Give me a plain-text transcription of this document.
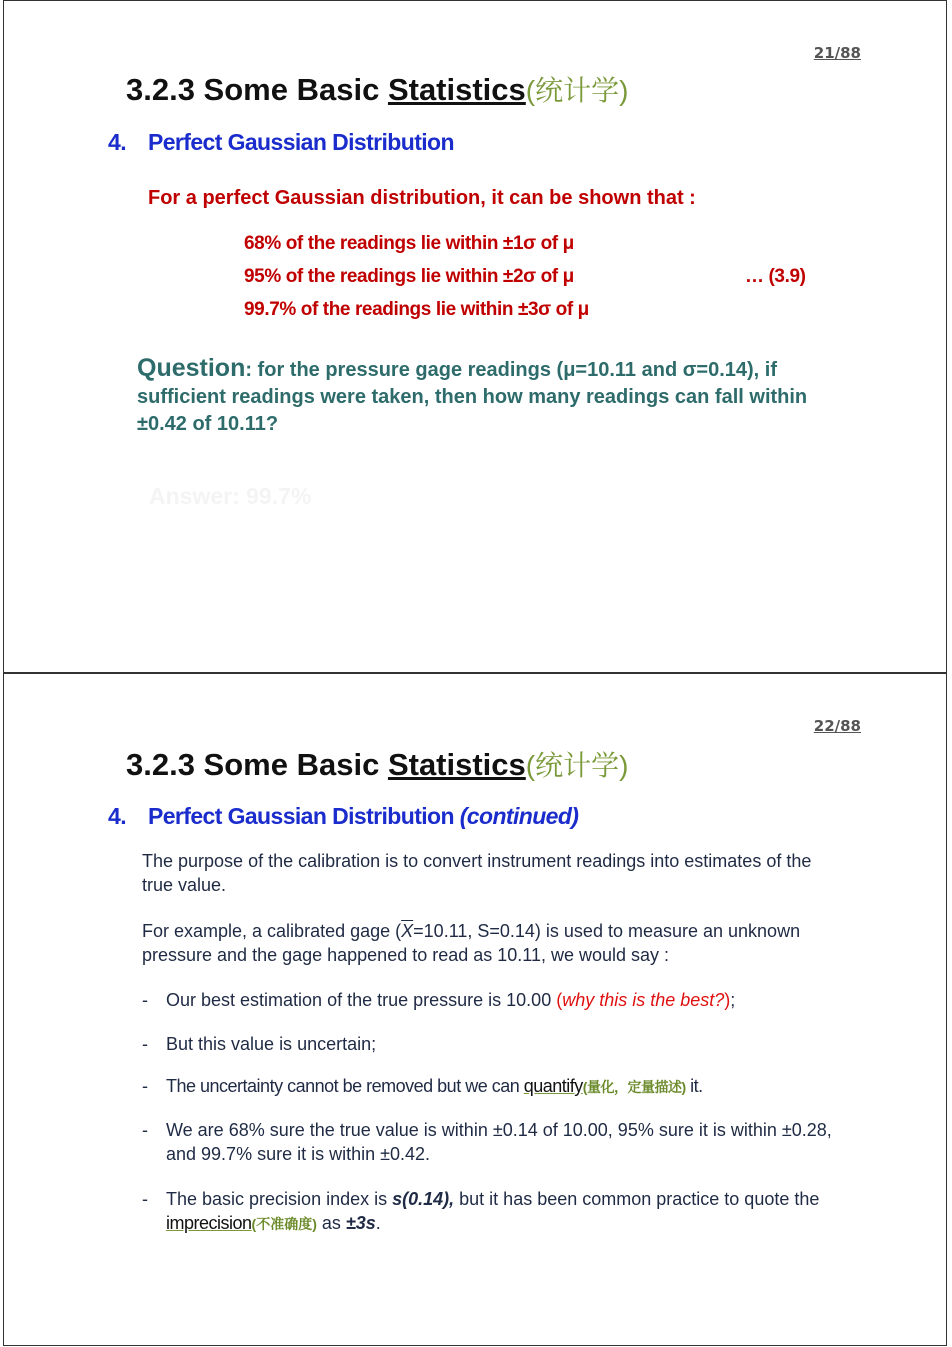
21/88
3.2.3 Some Basic Statistics(统计学)
4. Perfect Gaussian Distribution
For a perfect Gaussian distribution, it can be shown that :
68% of the readings lie within ±1σ of μ
95% of the readings lie within ±2σ of μ
99.7% of the readings lie within ±3σ of μ
… (3.9)
Question: for the pressure gage readings (μ=10.11 and σ=0.14), if sufficient readings were taken, then how many readings can fall within ±0.42 of 10.11?
Answer: 99.7%
22/88
3.2.3 Some Basic Statistics(统计学)
4. Perfect Gaussian Distribution (continued)
The purpose of the calibration is to convert instrument readings into estimates of the true value.
For example, a calibrated gage ($\overline{X}=10.11$, S=0.14) is used to measure an unknown pressure and the gage happened to read as 10.11, we would say :
- Our best estimation of the true pressure is 10.00 (why this is the best?);
- But this value is uncertain;
- The uncertainty cannot be removed but we can quantify(量化，定量描述) it.
- We are 68% sure the true value is within ±0.14 of 10.00, 95% sure it is within ±0.28, and 99.7% sure it is within ±0.42.
- The basic precision index is s(0.14), but it has been common practice to quote the imprecision(不准确度) as ±3s.
